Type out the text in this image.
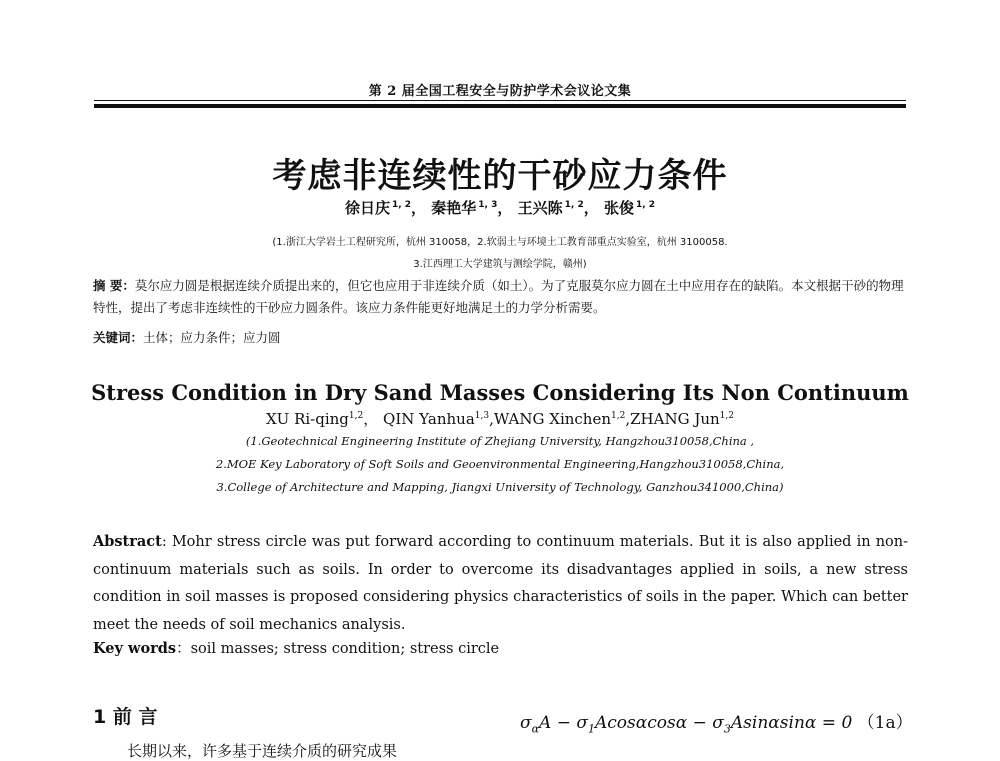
第 2 届全国工程安全与防护学术会议论文集
考虑非连续性的干砂应力条件
徐日庆 $^{1, 2}$， 秦艳华 $^{1, 3}$， 王兴陈 $^{1, 2}$， 张俊 $^{1, 2}$
(1.浙江大学岩土工程研究所，杭州 310058，2.软弱土与环境土工教育部重点实验室，杭州 3100058.
3.江西理工大学建筑与测绘学院，赣州)
摘 要：莫尔应力圆是根据连续介质提出来的，但它也应用于非连续介质（如土）。为了克服莫尔应力圆在土中应用存在的缺陷。本文根据干砂的物理特性，提出了考虑非连续性的干砂应力圆条件。该应力条件能更好地满足土的力学分析需要。
关键词：土体；应力条件；应力圆
Stress Condition in Dry Sand Masses Considering Its Non Continuum
XU Ri-qing$^{1,2}$， QIN Yanhua$^{1,3}$,WANG Xinchen$^{1,2}$,ZHANG Jun$^{1,2}$
(1.Geotechnical Engineering Institute of Zhejiang University, Hangzhou310058,China ,
2.MOE Key Laboratory of Soft Soils and Geoenvironmental Engineering,Hangzhou310058,China,
3.College of Architecture and Mapping, Jiangxi University of Technology, Ganzhou341000,China)
Abstract: Mohr stress circle was put forward according to continuum materials. But it is also applied in non-continuum materials such as soils. In order to overcome its disadvantages applied in soils, a new stress condition in soil masses is proposed considering physics characteristics of soils in the paper. Which can better meet the needs of soil mechanics analysis.
Key words：soil masses; stress condition; stress circle
1 前 言	$\sigma_\alpha A - \sigma_1Acos\alpha\cos\alpha - \sigma_3Asin\alpha\sin\alpha = 0$ （1a）
长期以来，许多基于连续介质的研究成果
